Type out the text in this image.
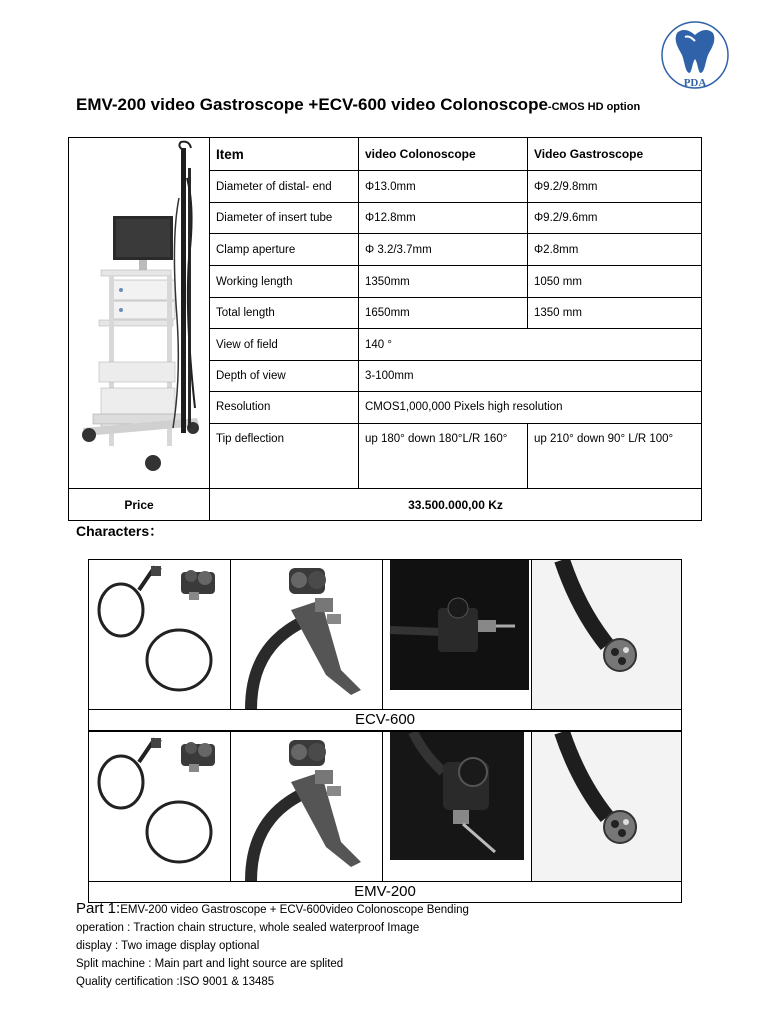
PDA
EMV-200 video Gastroscope +ECV-600 video Colonoscope-CMOS HD option
	Item	video Colonoscope	Video Gastroscope
	Diameter of distal- end	Φ13.0mm	Φ9.2/9.8mm
	Diameter of insert tube	Φ12.8mm	Φ9.2/9.6mm
	Clamp aperture	Φ 3.2/3.7mm	Φ2.8mm
	Working length	1350mm	1050 mm
	Total length	1650mm	1350 mm
	View of field	140 °	
	Depth of view	3-100mm	
	Resolution	CMOS1,000,000 Pixels high resolution	
	Tip deflection	up 180° down 180°L/R 160°	up 210° down 90° L/R 100°
Price	33.500.000,00 Kz		
Characters：
ECV-600
EMV-200
Part 1:EMV-200 video Gastroscope + ECV-600video Colonoscope Bending
operation : Traction chain structure, whole sealed waterproof Image
display : Two image display optional
Split machine : Main part and light source are splited
Quality certification :ISO 9001 & 13485
